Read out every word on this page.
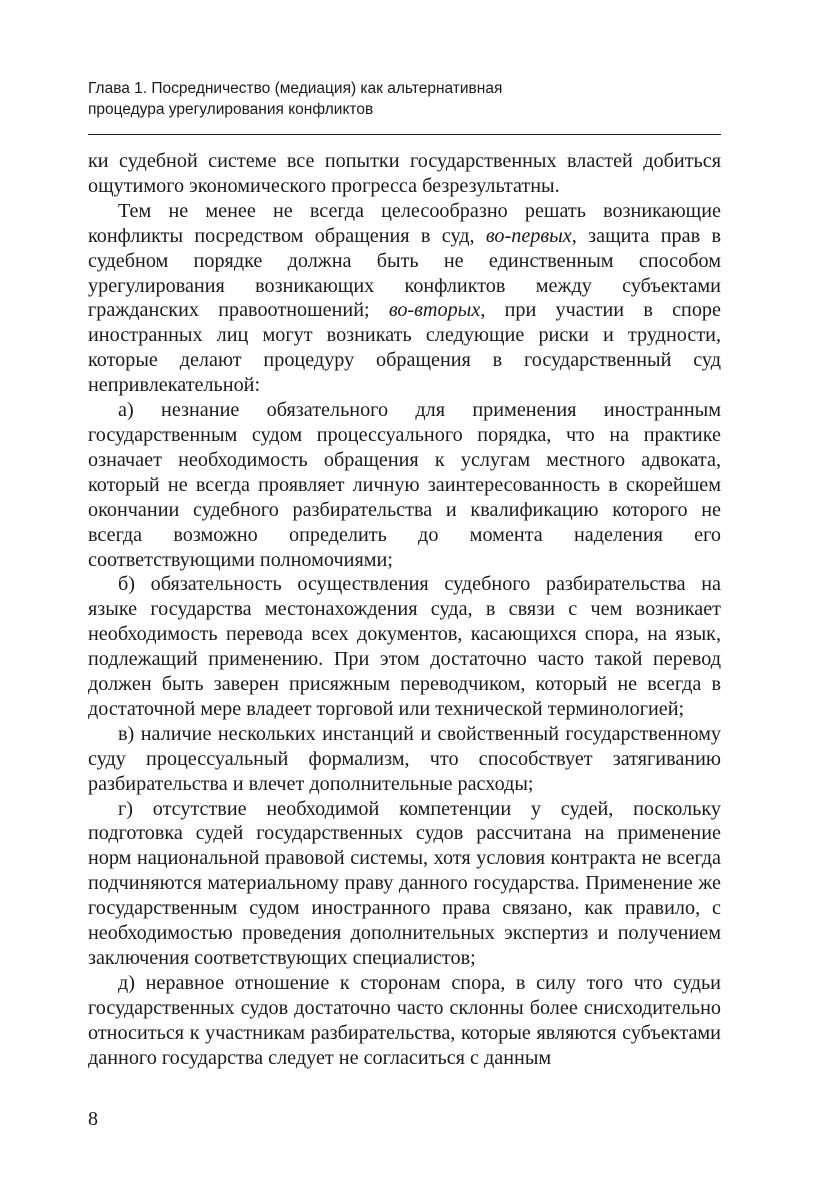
Глава 1. Посредничество (медиация) как альтернативная
процедура урегулирования конфликтов

ки судебной системе все попытки государственных властей добиться ощутимого экономического прогресса безрезультатны.

Тем не менее не всегда целесообразно решать возникающие конфликты посредством обращения в суд, во-первых, защита прав в судебном порядке должна быть не единственным способом урегулирования возникающих конфликтов между субъектами гражданских правоотношений; во-вторых, при участии в споре иностранных лиц могут возникать следующие риски и трудности, которые делают процедуру обращения в государственный суд непривлекательной:

а) незнание обязательного для применения иностранным государственным судом процессуального порядка, что на практике означает необходимость обращения к услугам местного адвоката, который не всегда проявляет личную заинтересованность в скорейшем окончании судебного разбирательства и квалификацию которого не всегда возможно определить до момента наделения его соответствующими полномочиями;

б) обязательность осуществления судебного разбирательства на языке государства местонахождения суда, в связи с чем возникает необходимость перевода всех документов, касающихся спора, на язык, подлежащий применению. При этом достаточно часто такой перевод должен быть заверен присяжным переводчиком, который не всегда в достаточной мере владеет торговой или технической терминологией;

в) наличие нескольких инстанций и свойственный государственному суду процессуальный формализм, что способствует затягиванию разбирательства и влечет дополнительные расходы;

г) отсутствие необходимой компетенции у судей, поскольку подготовка судей государственных судов рассчитана на применение норм национальной правовой системы, хотя условия контракта не всегда подчиняются материальному праву данного государства. Применение же государственным судом иностранного права связано, как правило, с необходимостью проведения дополнительных экспертиз и получением заключения соответствующих специалистов;

д) неравное отношение к сторонам спора, в силу того что судьи государственных судов достаточно часто склонны более снисходительно относиться к участникам разбирательства, которые являются субъектами данного государства следует не согласиться с данным

8
